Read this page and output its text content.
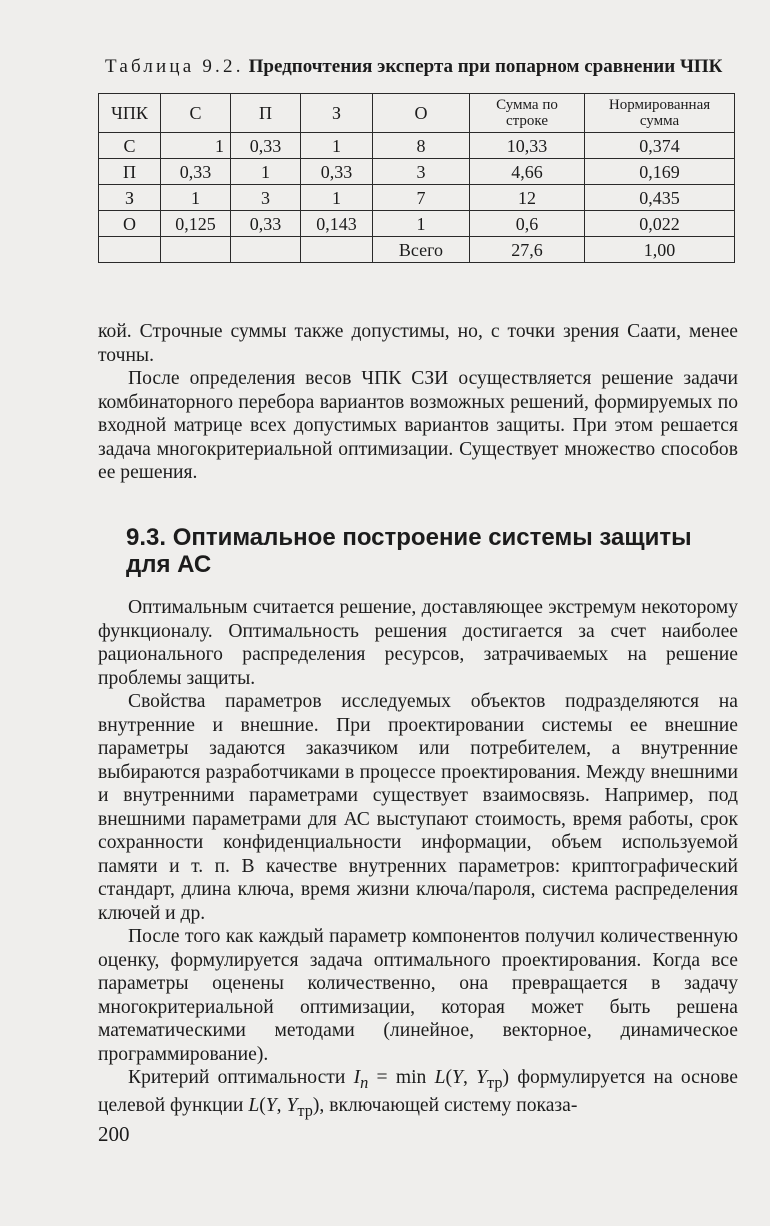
Таблица 9.2. Предпочтения эксперта при попарном сравнении ЧПК
ЧПК	С	П	З	О	Сумма по строке	Нормированная сумма
С	1	0,33	1	8	10,33	0,374
П	0,33	1	0,33	3	4,66	0,169
З	1	3	1	7	12	0,435
О	0,125	0,33	0,143	1	0,6	0,022
				Всего	27,6	1,00

кой. Строчные суммы также допустимы, но, с точки зрения Саати, менее точны.

После определения весов ЧПК СЗИ осуществляется решение задачи комбинаторного перебора вариантов возможных решений, формируемых по входной матрице всех допустимых вариантов защиты. При этом решается задача многокритериальной оптимизации. Существует множество способов ее решения.

9.3. Оптимальное построение системы защиты для АС

Оптимальным считается решение, доставляющее экстремум некоторому функционалу. Оптимальность решения достигается за счет наиболее рационального распределения ресурсов, затрачиваемых на решение проблемы защиты.

Свойства параметров исследуемых объектов подразделяются на внутренние и внешние. При проектировании системы ее внешние параметры задаются заказчиком или потребителем, а внутренние выбираются разработчиками в процессе проектирования. Между внешними и внутренними параметрами существует взаимосвязь. Например, под внешними параметрами для АС выступают стоимость, время работы, срок сохранности конфиденциальности информации, объем используемой памяти и т. п. В качестве внутренних параметров: криптографический стандарт, длина ключа, время жизни ключа/пароля, система распределения ключей и др.

После того как каждый параметр компонентов получил количественную оценку, формулируется задача оптимального проектирования. Когда все параметры оценены количественно, она превращается в задачу многокритериальной оптимизации, которая может быть решена математическими методами (линейное, векторное, динамическое программирование).

Критерий оптимальности $I_n = \min L(Y$, $Y_{тр}$) формулируется на основе целевой функции L(Y, $Y_{тр}$), включающей систему показа-

200
